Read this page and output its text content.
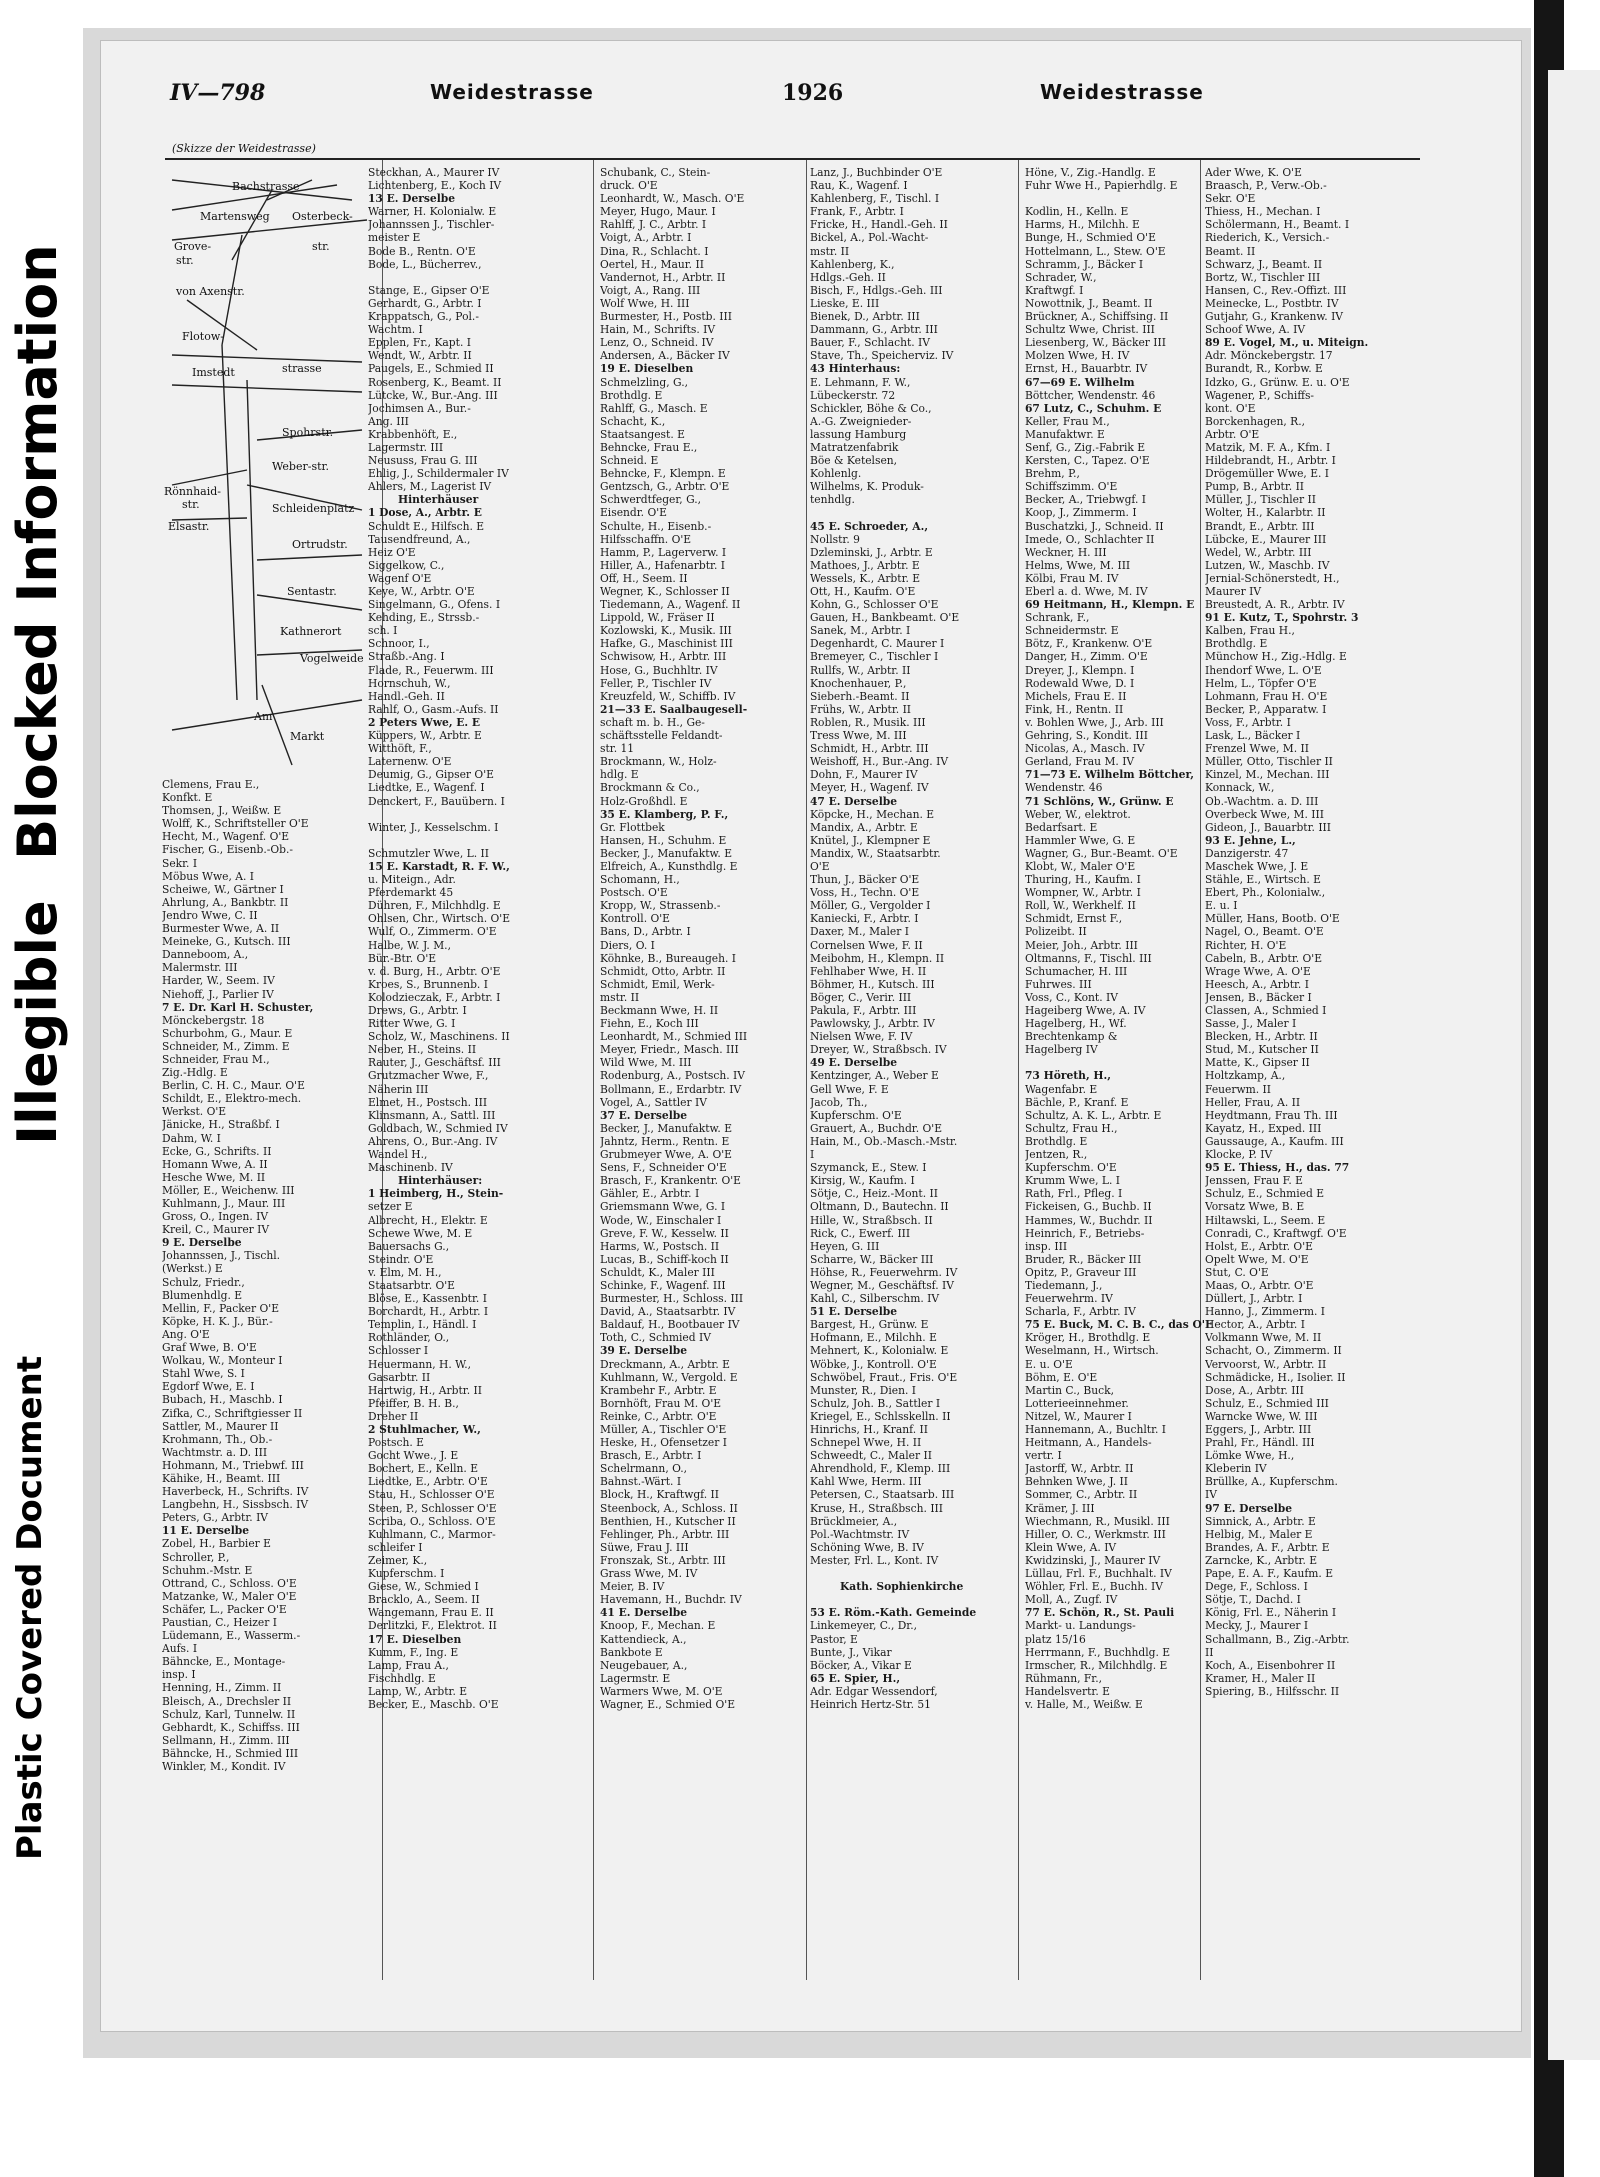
Plastic Covered Document
Illegible
Blocked Information
IV—798	Weidestrasse	1926	Weidestrasse
(Skizze der Weidestrasse)
Bachstrasse
Martensweg Osterbeck-
Grove-
str.
str.
von Axenstr.
Flotow-
strasse
Imstedt
Spohrstr.
Weber-str.
Rönnhaid-
str.	Schleidenplatz
Elsastr.
Ortrudstr.
Sentastr.
Kathnerort
Vogelweide
Am
Markt
Clemens, Frau E.,
Konfkt. E
Thomsen, J., Weißw. E
Wolff, K., Schriftsteller O'E
Hecht, M., Wagenf. O'E
Fischer, G., Eisenb.-Ob.-
Sekr. I
Möbus Wwe, A. I
Scheiwe, W., Gärtner I
Ahrlung, A., Bankbtr. II
Jendro Wwe, C. II
Burmester Wwe, A. II
Meineke, G., Kutsch. III
Danneboom, A.,
Malermstr. III
Harder, W., Seem. IV
Niehoff, J., Parlier IV
7 E. Dr. Karl H. Schuster,
Mönckebergstr. 18
Schurbohm, G., Maur. E
Schneider, M., Zimm. E
Schneider, Frau M.,
Zig.-Hdlg. E
Berlin, C. H. C., Maur. O'E
Schildt, E., Elektro-mech.
Werkst. O'E
Jänicke, H., Straßbf. I
Dahm, W. I
Ecke, G., Schrifts. II
Homann Wwe, A. II
Hesche Wwe, M. II
Möller, E., Weichenw. III
Kuhlmann, J., Maur. III
Gross, O., Ingen. IV
Kreil, C., Maurer IV
9 E. Derselbe
Johannssen, J., Tischl.
(Werkst.) E
Schulz, Friedr.,
Blumenhdlg. E
Mellin, F., Packer O'E
Köpke, H. K. J., Bür.-
Ang. O'E
Graf Wwe, B. O'E
Wolkau, W., Monteur I
Stahl Wwe, S. I
Egdorf Wwe, E. I
Bubach, H., Maschb. I
Zifka, C., Schriftgiesser II
Sattler, M., Maurer II
Krohmann, Th., Ob.-
Wachtmstr. a. D. III
Hohmann, M., Triebwf. III
Kähike, H., Beamt. III
Haverbeck, H., Schrifts. IV
Langbehn, H., Sissbsch. IV
Peters, G., Arbtr. IV
11 E. Derselbe
Zobel, H., Barbier E
Schroller, P.,
Schuhm.-Mstr. E
Ottrand, C., Schloss. O'E
Matzanke, W., Maler O'E
Schäfer, L., Packer O'E
Paustian, C., Heizer I
Lüdemann, E., Wasserm.-
Aufs. I
Bähncke, E., Montage-
insp. I
Henning, H., Zimm. II
Bleisch, A., Drechsler II
Schulz, Karl, Tunnelw. II
Gebhardt, K., Schiffss. III
Sellmann, H., Zimm. III
Bähncke, H., Schmied III
Winkler, M., Kondit. IV
Steckhan, A., Maurer IV
Lichtenberg, E., Koch IV
13 E. Derselbe
Warner, H. Kolonialw. E
Johannssen J., Tischler-
meister E
Bode B., Rentn. O'E
Bode, L., Bücherrev.,
Stange, E., Gipser O'E
Gerhardt, G., Arbtr. I
Krappatsch, G., Pol.-
Wachtm. I
Epplen, Fr., Kapt. I
Wendt, W., Arbtr. II
Paugels, E., Schmied II
Rosenberg, K., Beamt. II
Lütcke, W., Bur.-Ang. III
Jochimsen A., Bur.-
Ang. III
Krabbenhöft, E.,
Lagermstr. III
Neususs, Frau G. III
Ehlig, J., Schildermaler IV
Ahlers, M., Lagerist IV
Hinterhäuser
1 Dose, A., Arbtr. E
Schuldt E., Hilfsch. E
Tausendfreund, A.,
Heiz O'E
Siggelkow, C.,
Wagenf O'E
Keye, W., Arbtr. O'E
Singelmann, G., Ofens. I
Kehding, E., Strssb.-
sch. I
Schnoor, I.,
Straßb.-Ang. I
Flade, R., Feuerwm. III
Hornschuh, W.,
Handl.-Geh. II
Rahlf, O., Gasm.-Aufs. II
2 Peters Wwe, E. E
Küppers, W., Arbtr. E
Witthöft, F.,
Laternenw. O'E
Deumig, G., Gipser O'E
Liedtke, E., Wagenf. I
Denckert, F., Bauübern. I
Winter, J., Kesselschm. I
Schmutzler Wwe, L. II
15 E. Karstadt, R. F. W.,
u. Miteign., Adr.
Pferdemarkt 45
Dühren, F., Milchhdlg. E
Ohlsen, Chr., Wirtsch. O'E
Wulf, O., Zimmerm. O'E
Halbe, W. J. M.,
Bür.-Btr. O'E
v. d. Burg, H., Arbtr. O'E
Kroes, S., Brunnenb. I
Kolodzieczak, F., Arbtr. I
Drews, G., Arbtr. I
Ritter Wwe, G. I
Scholz, W., Maschinens. II
Neber, H., Steins. II
Rauter, J., Geschäftsf. III
Grutzmacher Wwe, F.,
Näherin III
Elmet, H., Postsch. III
Klinsmann, A., Sattl. III
Goldbach, W., Schmied IV
Ahrens, O., Bur.-Ang. IV
Wandel H.,
Maschinenb. IV
Hinterhäuser:
1 Heimberg, H., Stein-
setzer E
Albrecht, H., Elektr. E
Schewe Wwe, M. E
Bauersachs G.,
Steindr. O'E
v. Elm, M. H.,
Staatsarbtr. O'E
Blöse, E., Kassenbtr. I
Borchardt, H., Arbtr. I
Templin, I., Händl. I
Rothländer, O.,
Schlosser I
Heuermann, H. W.,
Gasarbtr. II
Hartwig, H., Arbtr. II
Pfeiffer, B. H. B.,
Dreher II
2 Stuhlmacher, W.,
Postsch. E
Gocht Wwe., J. E
Bochert, E., Kelln. E
Liedtke, E., Arbtr. O'E
Stau, H., Schlosser O'E
Steen, P., Schlosser O'E
Scriba, O., Schloss. O'E
Kuhlmann, C., Marmor-
schleifer I
Zeimer, K.,
Kupferschm. I
Giese, W., Schmied I
Bracklo, A., Seem. II
Wangemann, Frau E. II
Derlitzki, F., Elektrot. II
17 E. Dieselben
Kumm, F., Ing. E
Lamp, Frau A.,
Fischhdlg. E
Lamp, W., Arbtr. E
Becker, E., Maschb. O'E
Schubank, C., Stein-
druck. O'E
Leonhardt, W., Masch. O'E
Meyer, Hugo, Maur. I
Rahlff, J. C., Arbtr. I
Voigt, A., Arbtr. I
Dina, R., Schlacht. I
Oertel, H., Maur. II
Vandernot, H., Arbtr. II
Voigt, A., Rang. III
Wolf Wwe, H. III
Burmester, H., Postb. III
Hain, M., Schrifts. IV
Lenz, O., Schneid. IV
Andersen, A., Bäcker IV
19 E. Dieselben
Schmelzling, G.,
Brothdlg. E
Rahlff, G., Masch. E
Schacht, K.,
Staatsangest. E
Behncke, Frau E.,
Schneid. E
Behncke, F., Klempn. E
Gentzsch, G., Arbtr. O'E
Schwerdtfeger, G.,
Eisendr. O'E
Schulte, H., Eisenb.-
Hilfsschaffn. O'E
Hamm, P., Lagerverw. I
Hiller, A., Hafenarbtr. I
Off, H., Seem. II
Wegner, K., Schlosser II
Tiedemann, A., Wagenf. II
Lippold, W., Fräser II
Kozlowski, K., Musik. III
Hafke, G., Maschinist III
Schwisow, H., Arbtr. III
Hose, G., Buchhltr. IV
Feller, P., Tischler IV
Kreuzfeld, W., Schiffb. IV
21—33 E. Saalbaugesell-
schaft m. b. H., Ge-
schäftsstelle Feldandt-
str. 11
Brockmann, W., Holz-
hdlg. E
Brockmann & Co.,
Holz-Großhdl. E
35 E. Klamberg, P. F.,
Gr. Flottbek
Hansen, H., Schuhm. E
Becker, J., Manufaktw. E
Elfreich, A., Kunsthdlg. E
Schomann, H.,
Postsch. O'E
Kropp, W., Strassenb.-
Kontroll. O'E
Bans, D., Arbtr. I
Diers, O. I
Köhnke, B., Bureaugeh. I
Schmidt, Otto, Arbtr. II
Schmidt, Emil, Werk-
mstr. II
Beckmann Wwe, H. II
Fiehn, E., Koch III
Leonhardt, M., Schmied III
Meyer, Friedr., Masch. III
Wild Wwe, M. III
Rodenburg, A., Postsch. IV
Bollmann, E., Erdarbtr. IV
Vogel, A., Sattler IV
37 E. Derselbe
Becker, J., Manufaktw. E
Jahntz, Herm., Rentn. E
Grubmeyer Wwe, A. O'E
Sens, F., Schneider O'E
Brasch, F., Krankentr. O'E
Gähler, E., Arbtr. I
Griemsmann Wwe, G. I
Wode, W., Einschaler I
Greve, F. W., Kesselw. II
Harms, W., Postsch. II
Lucas, B., Schiff-koch II
Schuldt, K., Maler III
Schinke, F., Wagenf. III
Burmester, H., Schloss. III
David, A., Staatsarbtr. IV
Baldauf, H., Bootbauer IV
Toth, C., Schmied IV
39 E. Derselbe
Dreckmann, A., Arbtr. E
Kuhlmann, W., Vergold. E
Krambehr F., Arbtr. E
Bornhöft, Frau M. O'E
Reinke, C., Arbtr. O'E
Müller, A., Tischler O'E
Heske, H., Ofensetzer I
Brasch, E., Arbtr. I
Schelrmann, O.,
Bahnst.-Wärt. I
Block, H., Kraftwgf. II
Steenbock, A., Schloss. II
Benthien, H., Kutscher II
Fehlinger, Ph., Arbtr. III
Süwe, Frau J. III
Fronszak, St., Arbtr. III
Grass Wwe, M. IV
Meier, B. IV
Havemann, H., Buchdr. IV
41 E. Derselbe
Knoop, F., Mechan. E
Kattendieck, A.,
Bankbote E
Neugebauer, A.,
Lagermstr. E
Warmers Wwe, M. O'E
Wagner, E., Schmied O'E
Lanz, J., Buchbinder O'E
Rau, K., Wagenf. I
Kahlenberg, F., Tischl. I
Frank, F., Arbtr. I
Fricke, H., Handl.-Geh. II
Bickel, A., Pol.-Wacht-
mstr. II
Kahlenberg, K.,
Hdlgs.-Geh. II
Bisch, F., Hdlgs.-Geh. III
Lieske, E. III
Bienek, D., Arbtr. III
Dammann, G., Arbtr. III
Bauer, F., Schlacht. IV
Stave, Th., Speicherviz. IV
43 Hinterhaus:
E. Lehmann, F. W.,
Lübeckerstr. 72
Schickler, Böhe & Co.,
A.-G. Zweignieder-
lassung Hamburg
Matratzenfabrik
Böe & Ketelsen,
Kohlenlg.
Wilhelms, K. Produk-
tenhdlg.
45 E. Schroeder, A.,
Nollstr. 9
Dzleminski, J., Arbtr. E
Mathoes, J., Arbtr. E
Wessels, K., Arbtr. E
Ott, H., Kaufm. O'E
Kohn, G., Schlosser O'E
Gauen, H., Bankbeamt. O'E
Sanek, M., Arbtr. I
Degenhardt, C. Maurer I
Bremeyer, C., Tischler I
Rullfs, W., Arbtr. II
Knochenhauer, P.,
Sieberh.-Beamt. II
Frühs, W., Arbtr. II
Roblen, R., Musik. III
Tress Wwe, M. III
Schmidt, H., Arbtr. III
Weishoff, H., Bur.-Ang. IV
Dohn, F., Maurer IV
Meyer, H., Wagenf. IV
47 E. Derselbe
Köpcke, H., Mechan. E
Mandix, A., Arbtr. E
Knütel, J., Klempner E
Mandix, W., Staatsarbtr.
O'E
Thun, J., Bäcker O'E
Voss, H., Techn. O'E
Möller, G., Vergolder I
Kaniecki, F., Arbtr. I
Daxer, M., Maler I
Cornelsen Wwe, F. II
Meibohm, H., Klempn. II
Fehlhaber Wwe, H. II
Böhmer, H., Kutsch. III
Böger, C., Verir. III
Pakula, F., Arbtr. III
Pawlowsky, J., Arbtr. IV
Nielsen Wwe, F. IV
Dreyer, W., Straßbsch. IV
49 E. Derselbe
Kentzinger, A., Weber E
Gell Wwe, F. E
Jacob, Th.,
Kupferschm. O'E
Grauert, A., Buchdr. O'E
Hain, M., Ob.-Masch.-Mstr.
I
Szymanck, E., Stew. I
Kirsig, W., Kaufm. I
Sötje, C., Heiz.-Mont. II
Oltmann, D., Bautechn. II
Hille, W., Straßbsch. II
Rick, C., Ewerf. III
Heyen, G. III
Scharre, W., Bäcker III
Höhse, R., Feuerwehrm. IV
Wegner, M., Geschäftsf. IV
Kahl, C., Silberschm. IV
51 E. Derselbe
Bargest, H., Grünw. E
Hofmann, E., Milchh. E
Mehnert, K., Kolonialw. E
Wöbke, J., Kontroll. O'E
Schwöbel, Fraut., Fris. O'E
Munster, R., Dien. I
Schulz, Joh. B., Sattler I
Kriegel, E., Schlsskelln. II
Hinrichs, H., Kranf. II
Schnepel Wwe, H. II
Schweedt, C., Maler II
Ahrendhold, F., Klemp. III
Kahl Wwe, Herm. III
Petersen, C., Staatsarb. III
Kruse, H., Straßbsch. III
Brücklmeier, A.,
Pol.-Wachtmstr. IV
Schöning Wwe, B. IV
Mester, Frl. L., Kont. IV
Kath. Sophienkirche
53 E. Röm.-Kath. Gemeinde
Linkemeyer, C., Dr.,
Pastor, E
Bunte, J., Vikar
Böcker, A., Vikar E
65 E. Spier, H.,
Adr. Edgar Wessendorf,
Heinrich Hertz-Str. 51
Höne, V., Zig.-Handlg. E
Fuhr Wwe H., Papierhdlg. E
Kodlin, H., Kelln. E
Harms, H., Milchh. E
Bunge, H., Schmied O'E
Hottelmann, L., Stew. O'E
Schramm, J., Bäcker I
Schrader, W.,
Kraftwgf. I
Nowottnik, J., Beamt. II
Brückner, A., Schiffsing. II
Schultz Wwe, Christ. III
Liesenberg, W., Bäcker III
Molzen Wwe, H. IV
Ernst, H., Bauarbtr. IV
67—69 E. Wilhelm
Böttcher, Wendenstr. 46
67 Lutz, C., Schuhm. E
Keller, Frau M.,
Manufaktwr. E
Senf, G., Zig.-Fabrik E
Kersten, C., Tapez. O'E
Brehm, P.,
Schiffszimm. O'E
Becker, A., Triebwgf. I
Koop, J., Zimmerm. I
Buschatzki, J., Schneid. II
Imede, O., Schlachter II
Weckner, H. III
Helms, Wwe, M. III
Kölbi, Frau M. IV
Eberl a. d. Wwe, M. IV
69 Heitmann, H., Klempn. E
Schrank, F.,
Schneidermstr. E
Bötz, F., Krankenw. O'E
Danger, H., Zimm. O'E
Dreyer, J., Klempn. I
Rodewald Wwe, D. I
Michels, Frau E. II
Fink, H., Rentn. II
v. Bohlen Wwe, J., Arb. III
Gehring, S., Kondit. III
Nicolas, A., Masch. IV
Gerland, Frau M. IV
71—73 E. Wilhelm Böttcher,
Wendenstr. 46
71 Schlöns, W., Grünw. E
Weber, W., elektrot.
Bedarfsart. E
Hammler Wwe, G. E
Wagner, G., Bur.-Beamt. O'E
Klobt, W., Maler O'E
Thuring, H., Kaufm. I
Wompner, W., Arbtr. I
Roll, W., Werkhelf. II
Schmidt, Ernst F.,
Polizeibt. II
Meier, Joh., Arbtr. III
Oltmanns, F., Tischl. III
Schumacher, H. III
Fuhrwes. III
Voss, C., Kont. IV
Hageiberg Wwe, A. IV
Hagelberg, H., Wf.
Brechtenkamp &
Hagelberg IV
73 Höreth, H.,
Wagenfabr. E
Bächle, P., Kranf. E
Schultz, A. K. L., Arbtr. E
Schultz, Frau H.,
Brothdlg. E
Jentzen, R.,
Kupferschm. O'E
Krumm Wwe, L. I
Rath, Frl., Pfleg. I
Fickeisen, G., Buchb. II
Hammes, W., Buchdr. II
Heinrich, F., Betriebs-
insp. III
Bruder, R., Bäcker III
Opitz, P., Graveur III
Tiedemann, J.,
Feuerwehrm. IV
Scharla, F., Arbtr. IV
75 E. Buck, M. C. B. C., das O'E
Kröger, H., Brothdlg. E
Weselmann, H., Wirtsch.
E. u. O'E
Böhm, E. O'E
Martin C., Buck,
Lotterieeinnehmer.
Nitzel, W., Maurer I
Hannemann, A., Buchltr. I
Heitmann, A., Handels-
vertr. I
Jastorff, W., Arbtr. II
Behnken Wwe, J. II
Sommer, C., Arbtr. II
Krämer, J. III
Wiechmann, R., Musikl. III
Hiller, O. C., Werkmstr. III
Klein Wwe, A. IV
Kwidzinski, J., Maurer IV
Lüllau, Frl. F., Buchhalt. IV
Wöhler, Frl. E., Buchh. IV
Moll, A., Zugf. IV
77 E. Schön, R., St. Pauli
Markt- u. Landungs-
platz 15/16
Herrmann, F., Buchhdlg. E
Irmscher, R., Milchhdlg. E
Rühmann, Fr.,
Handelsvertr. E
v. Halle, M., Weißw. E
Ader Wwe, K. O'E
Braasch, P., Verw.-Ob.-
Sekr. O'E
Thiess, H., Mechan. I
Schölermann, H., Beamt. I
Riederich, K., Versich.-
Beamt. II
Schwarz, J., Beamt. II
Bortz, W., Tischler III
Hansen, C., Rev.-Offizt. III
Meinecke, L., Postbtr. IV
Gutjahr, G., Krankenw. IV
Schoof Wwe, A. IV
89 E. Vogel, M., u. Miteign.
Adr. Mönckebergstr. 17
Burandt, R., Korbw. E
Idzko, G., Grünw. E. u. O'E
Wagener, P., Schiffs-
kont. O'E
Borckenhagen, R.,
Arbtr. O'E
Matzik, M. F. A., Kfm. I
Hildebrandt, H., Arbtr. I
Drögemüller Wwe, E. I
Pump, B., Arbtr. II
Müller, J., Tischler II
Wolter, H., Kalarbtr. II
Brandt, E., Arbtr. III
Lübcke, E., Maurer III
Wedel, W., Arbtr. III
Lutzen, W., Maschb. IV
Jernial-Schönerstedt, H.,
Maurer IV
Breustedt, A. R., Arbtr. IV
91 E. Kutz, T., Spohrstr. 3
Kalben, Frau H.,
Brothdlg. E
Münchow H., Zig.-Hdlg. E
Ihendorf Wwe, L. O'E
Helm, L., Töpfer O'E
Lohmann, Frau H. O'E
Becker, P., Apparatw. I
Voss, F., Arbtr. I
Lask, L., Bäcker I
Frenzel Wwe, M. II
Müller, Otto, Tischler II
Kinzel, M., Mechan. III
Konnack, W.,
Ob.-Wachtm. a. D. III
Overbeck Wwe, M. III
Gideon, J., Bauarbtr. III
93 E. Jehne, L.,
Danzigerstr. 47
Maschek Wwe, J. E
Stähle, E., Wirtsch. E
Ebert, Ph., Kolonialw.,
E. u. I
Müller, Hans, Bootb. O'E
Nagel, O., Beamt. O'E
Richter, H. O'E
Cabeln, B., Arbtr. O'E
Wrage Wwe, A. O'E
Heesch, A., Arbtr. I
Jensen, B., Bäcker I
Classen, A., Schmied I
Sasse, J., Maler I
Blecken, H., Arbtr. II
Stud, M., Kutscher II
Matte, K., Gipser II
Holtzkamp, A.,
Feuerwm. II
Heller, Frau, A. II
Heydtmann, Frau Th. III
Kayatz, H., Exped. III
Gaussauge, A., Kaufm. III
Klocke, P. IV
95 E. Thiess, H., das. 77
Jenssen, Frau F. E
Schulz, E., Schmied E
Vorsatz Wwe, B. E
Hiltawski, L., Seem. E
Conradi, C., Kraftwgf. O'E
Holst, E., Arbtr. O'E
Opelt Wwe, M. O'E
Stut, C. O'E
Maas, O., Arbtr. O'E
Düllert, J., Arbtr. I
Hanno, J., Zimmerm. I
Hector, A., Arbtr. I
Volkmann Wwe, M. II
Schacht, O., Zimmerm. II
Vervoorst, W., Arbtr. II
Schmädicke, H., Isolier. II
Dose, A., Arbtr. III
Schulz, E., Schmied III
Warncke Wwe, W. III
Eggers, J., Arbtr. III
Prahl, Fr., Händl. III
Lömke Wwe, H.,
Kleberin IV
Brüllke, A., Kupferschm.
IV
97 E. Derselbe
Simnick, A., Arbtr. E
Helbig, M., Maler E
Brandes, A. F., Arbtr. E
Zarncke, K., Arbtr. E
Pape, E. A. F., Kaufm. E
Dege, F., Schloss. I
Sötje, T., Dachd. I
Kӧnig, Frl. E., Näherin I
Mecky, J., Maurer I
Schallmann, B., Zig.-Arbtr.
II
Koch, A., Eisenbohrer II
Kramer, H., Maler II
Spiering, B., Hilfsschr. II
